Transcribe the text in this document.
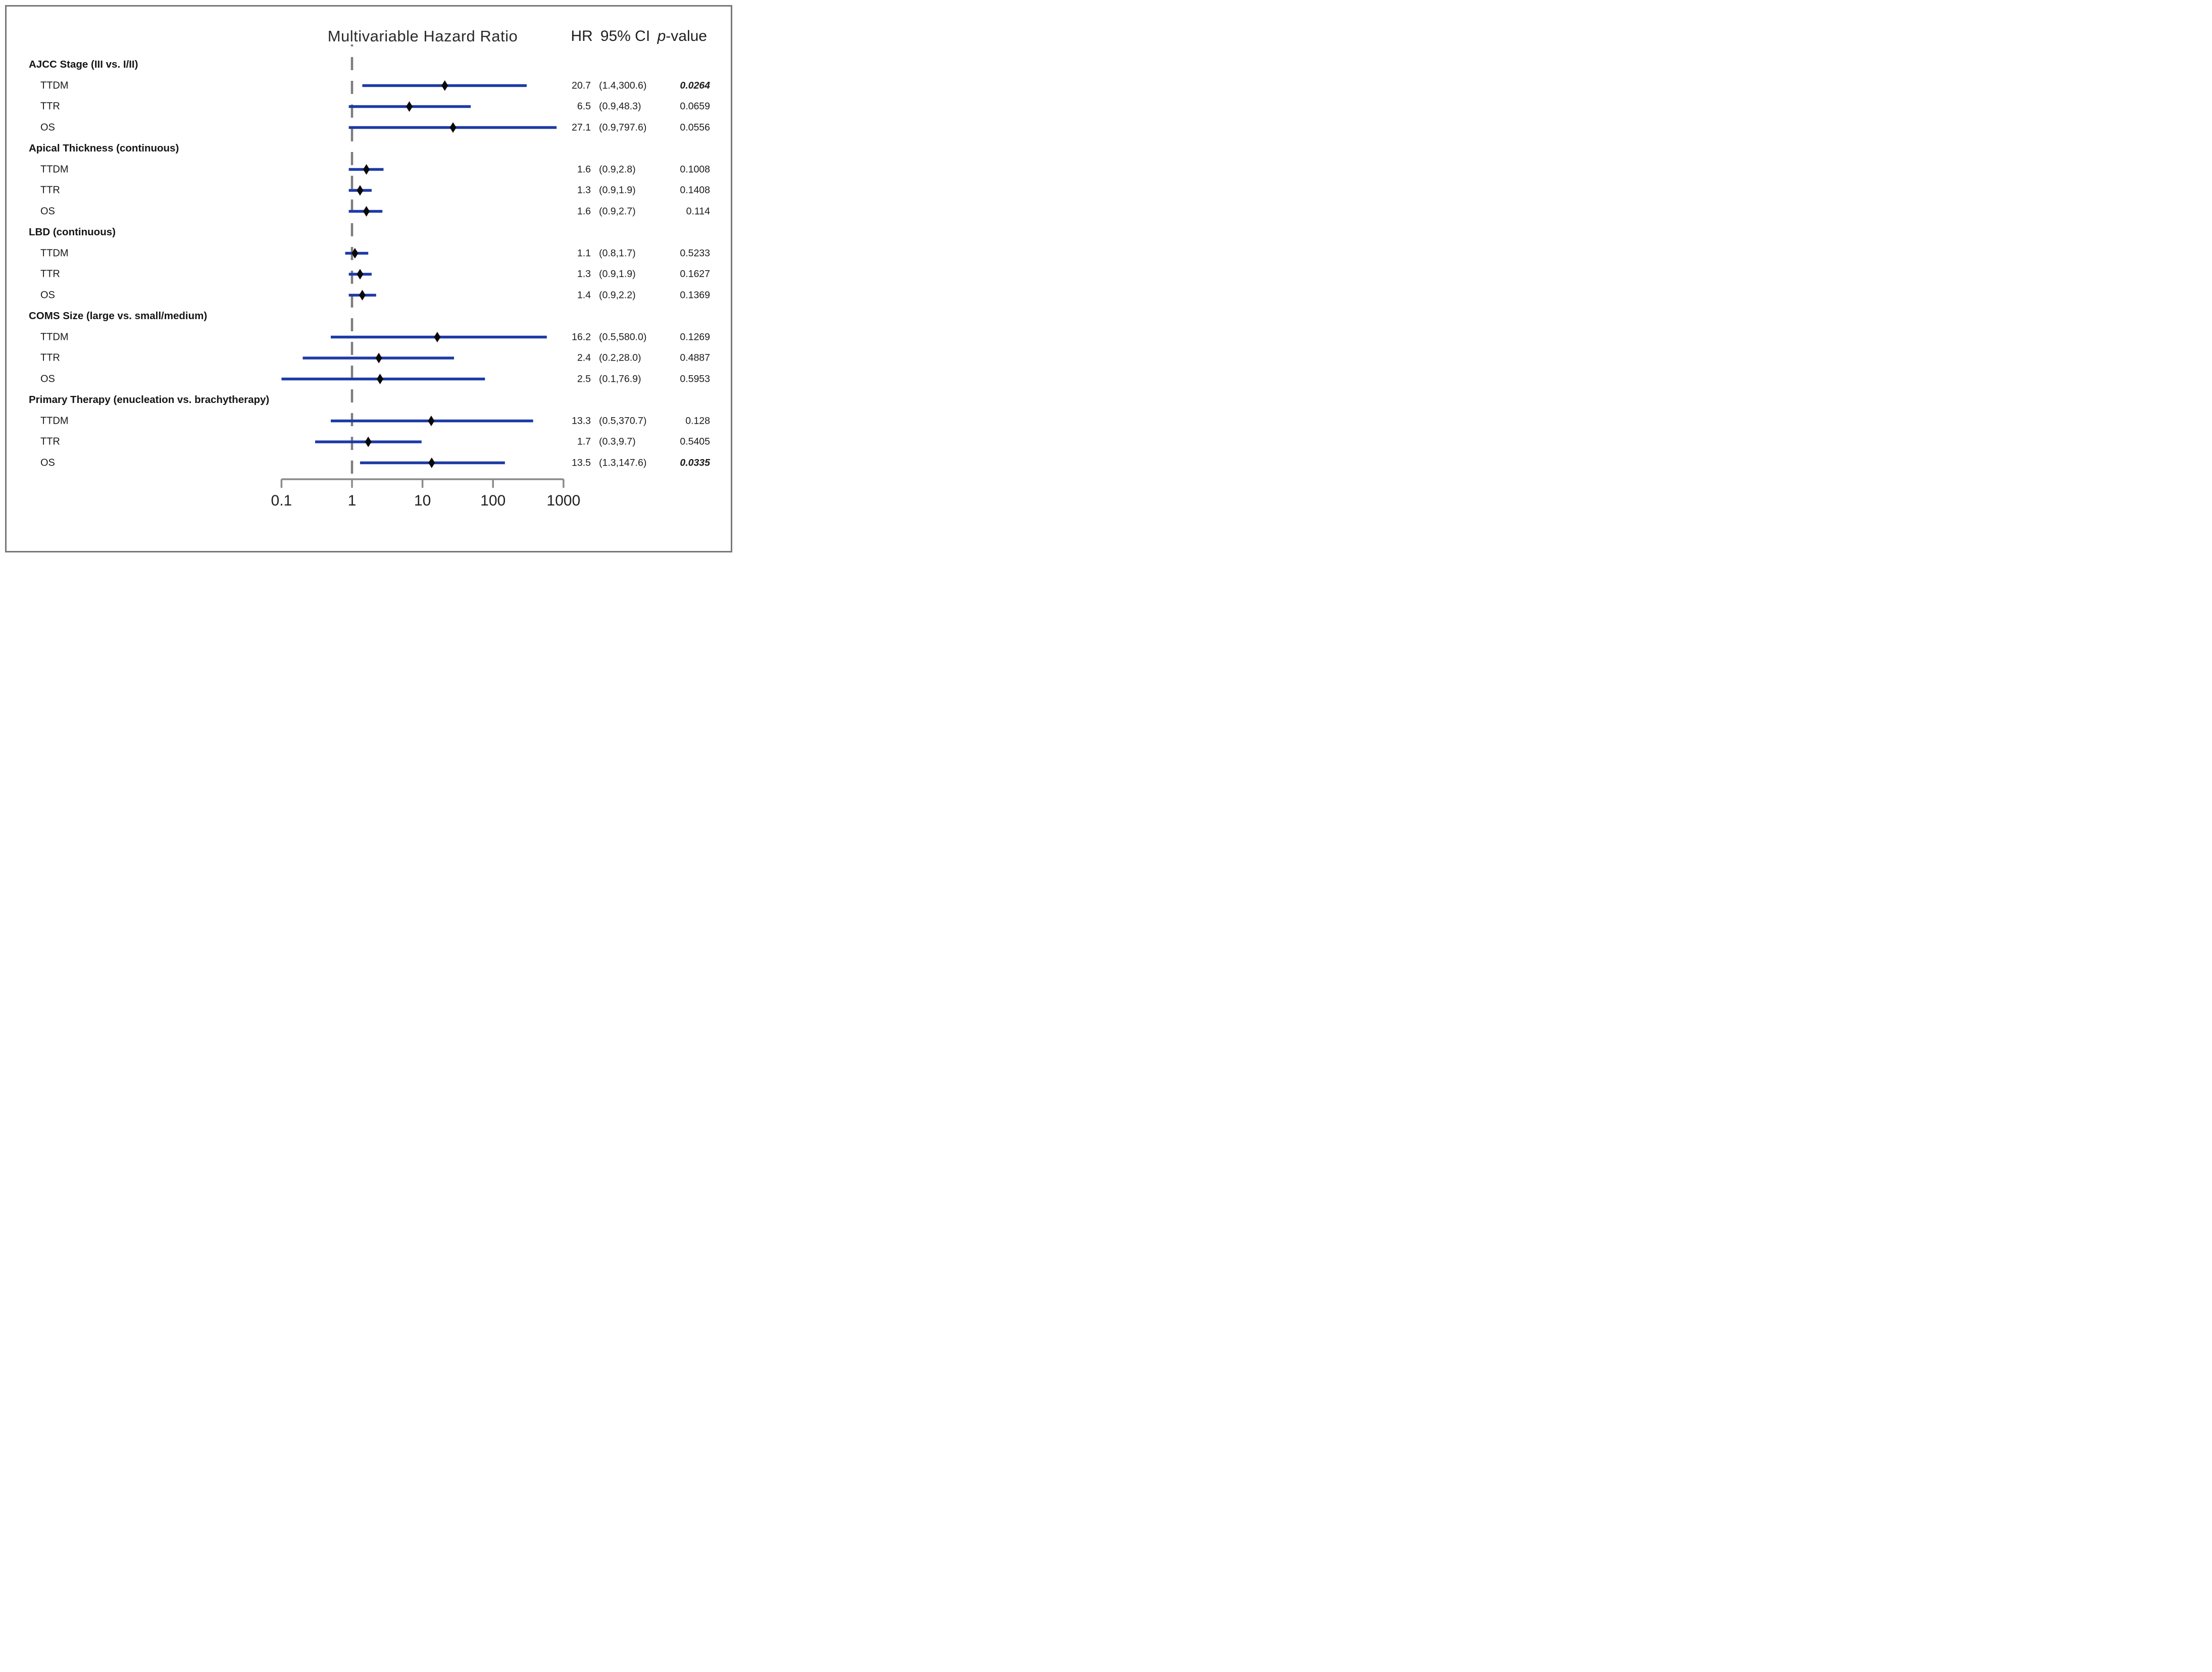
Multivariable Hazard Ratio	HR 95% CI p-value
0.1	1	10	100	1000
AJCC Stage (III vs. I/II)
TTDM	20.7 (1.4,300.6)	0.0264
TTR	6.5 (0.9,48.3)	0.0659
OS	27.1 (0.9,797.6)	0.0556
Apical Thickness (continuous)
TTDM	1.6 (0.9,2.8)	0.1008
TTR	1.3 (0.9,1.9)	0.1408
OS	1.6 (0.9,2.7)	0.114
LBD (continuous)
TTDM	1.1 (0.8,1.7)	0.5233
TTR	1.3 (0.9,1.9)	0.1627
OS	1.4 (0.9,2.2)	0.1369
COMS Size (large vs. small/medium)
TTDM	16.2 (0.5,580.0)	0.1269
TTR	2.4 (0.2,28.0)	0.4887
OS	2.5 (0.1,76.9)	0.5953
Primary Therapy (enucleation vs. brachytherapy)
TTDM	13.3 (0.5,370.7)	0.128
TTR	1.7 (0.3,9.7)	0.5405
OS	13.5 (1.3,147.6)	0.0335
